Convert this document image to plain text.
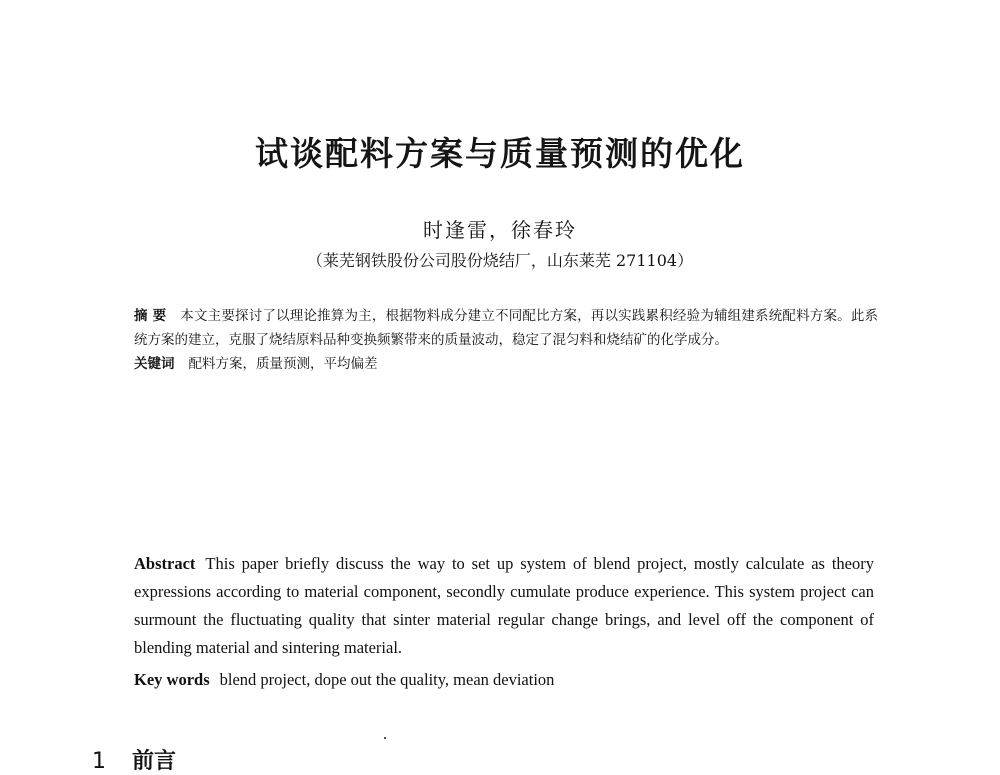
试谈配料方案与质量预测的优化
时逢雷，徐春玲
（莱芜钢铁股份公司股份烧结厂，山东莱芜 271104）
摘 要 本文主要探讨了以理论推算为主，根据物料成分建立不同配比方案，再以实践累积经验为辅组建系统配料方案。此系统方案的建立，克服了烧结原料品种变换频繁带来的质量波动，稳定了混匀料和烧结矿的化学成分。
关键词 配料方案，质量预测，平均偏差
Abstract This paper briefly discuss the way to set up system of blend project, mostly calculate as theory expressions according to material component, secondly cumulate produce experience. This system project can surmount the fluctuating quality that sinter material regular change brings, and level off the component of blending material and sintering material.
Key words blend project, dope out the quality, mean deviation
1 前言
